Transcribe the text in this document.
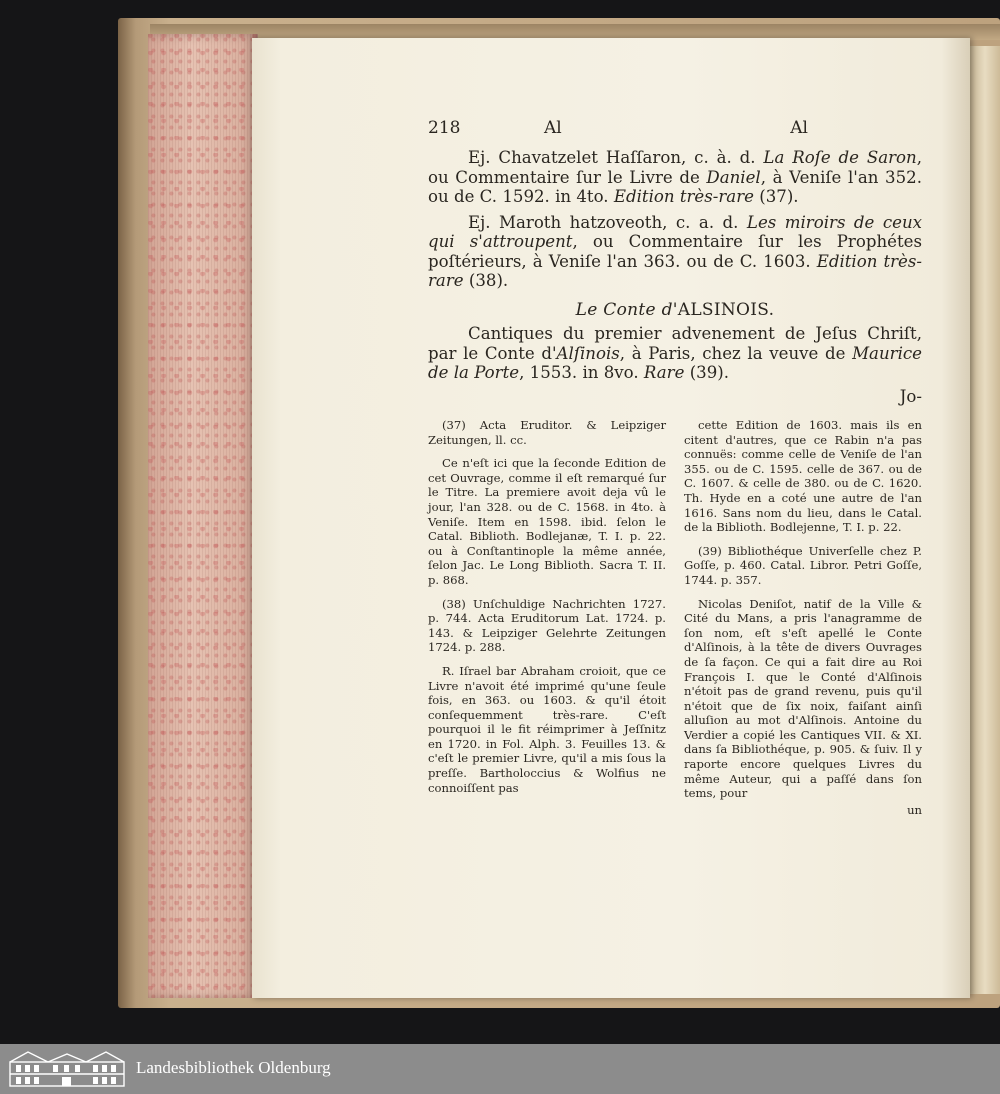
218	Al	Al

Ej. Chavatzelet Haſſaron, c. à. d. La Roſe de Saron, ou Commentaire ſur le Livre de Daniel, à Veniſe l'an 352. ou de C. 1592. in 4to. Edition très-rare (37).

Ej. Maroth hatzoveoth, c. a. d. Les miroirs de ceux qui s'attroupent, ou Commentaire ſur les Prophétes poſtérieurs, à Veniſe l'an 363. ou de C. 1603. Edition très-rare (38).

Le Conte d'ALSINOIS.

Cantiques du premier advenement de Jeſus Chriſt, par le Conte d'Alſinois, à Paris, chez la veuve de Maurice de la Porte, 1553. in 8vo. Rare (39).

Jo-

(37) Acta Eruditor. & Leipziger Zeitungen, ll. cc.

Ce n'eſt ici que la ſeconde Edition de cet Ouvrage, comme il eſt remarqué ſur le Titre. La premiere avoit deja vû le jour, l'an 328. ou de C. 1568. in 4to. à Veniſe. Item en 1598. ibid. ſelon le Catal. Biblioth. Bodlejanæ, T. I. p. 22. ou à Conſtantinople la même année, ſelon Jac. Le Long Biblioth. Sacra T. II. p. 868.

(38) Unſchuldige Nachrichten 1727. p. 744. Acta Eruditorum Lat. 1724. p. 143. & Leipziger Gelehrte Zeitungen 1724. p. 288.

R. Iſrael bar Abraham croioit, que ce Livre n'avoit été imprimé qu'une ſeule fois, en 363. ou 1603. & qu'il étoit conſequemment très-rare. C'eſt pourquoi il le fit réimprimer à Jeſſnitz en 1720. in Fol. Alph. 3. Feuilles 13. & c'eſt le premier Livre, qu'il a mis ſous la preſſe. Bartholoccius & Wolfius ne connoiſſent pas

cette Edition de 1603. mais ils en citent d'autres, que ce Rabin n'a pas connuës: comme celle de Veniſe de l'an 355. ou de C. 1595. celle de 367. ou de C. 1607. & celle de 380. ou de C. 1620. Th. Hyde en a coté une autre de l'an 1616. Sans nom du lieu, dans le Catal. de la Biblioth. Bodlejenne, T. I. p. 22.

(39) Bibliothéque Univerſelle chez P. Goſſe, p. 460. Catal. Libror. Petri Goſſe, 1744. p. 357.

Nicolas Deniſot, natif de la Ville & Cité du Mans, a pris l'anagramme de ſon nom, eſt s'eſt apellé le Conte d'Alſinois, à la tête de divers Ouvrages de ſa façon. Ce qui a fait dire au Roi François I. que le Conté d'Alſinois n'étoit pas de grand revenu, puis qu'il n'étoit que de ſix noix, faiſant ainſi alluſion au mot d'Alſinois. Antoine du Verdier a copié les Cantiques VII. & XI. dans ſa Bibliothéque, p. 905. & ſuiv. Il y raporte encore quelques Livres du même Auteur, qui a paſſé dans ſon tems, pour

un
Landesbibliothek Oldenburg
